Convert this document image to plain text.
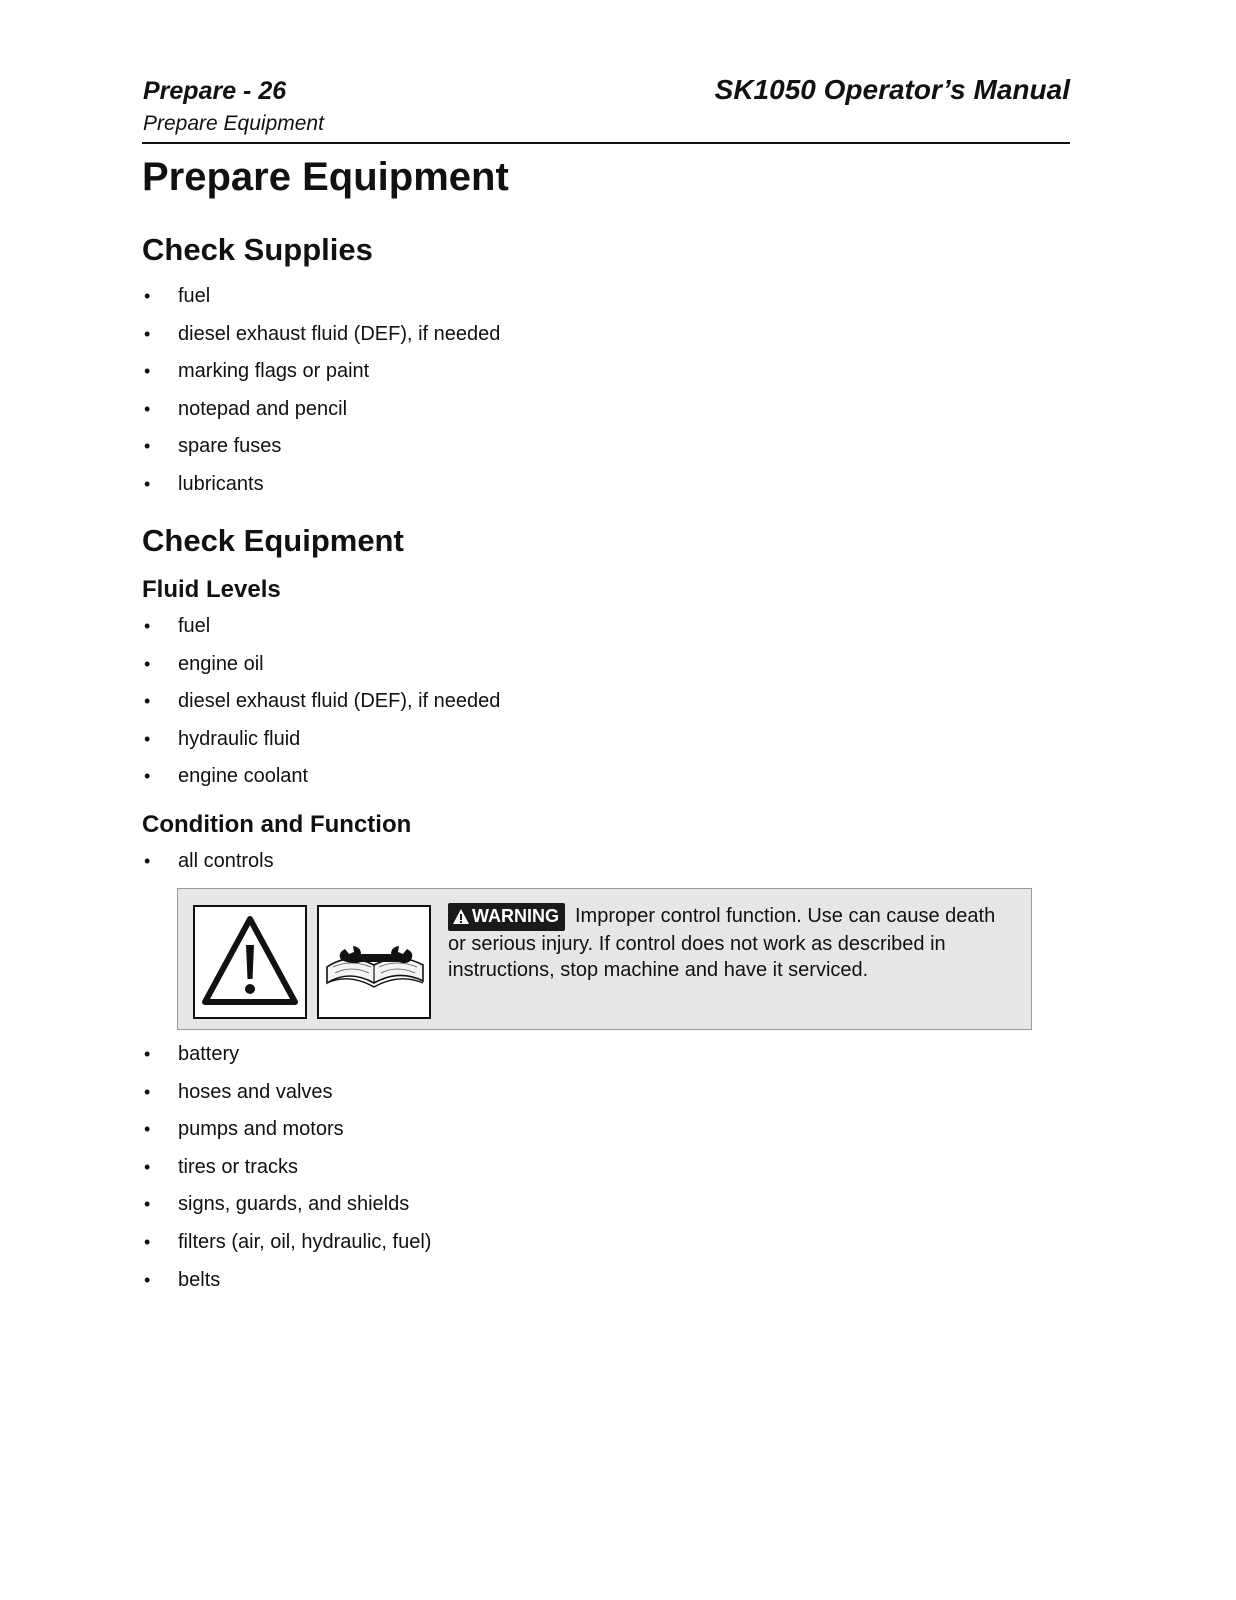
Prepare - 26
Prepare Equipment
SK1050 Operator’s Manual
Prepare Equipment
Check Supplies
• fuel
• diesel exhaust fluid (DEF), if needed
• marking flags or paint
• notepad and pencil
• spare fuses
• lubricants
Check Equipment
Fluid Levels
• fuel
• engine oil
• diesel exhaust fluid (DEF), if needed
• hydraulic fluid
• engine coolant
Condition and Function
• all controls
WARNING Improper control function. Use can cause death or serious injury. If control does not work as described in instructions, stop machine and have it serviced.
• battery
• hoses and valves
• pumps and motors
• tires or tracks
• signs, guards, and shields
• filters (air, oil, hydraulic, fuel)
• belts
